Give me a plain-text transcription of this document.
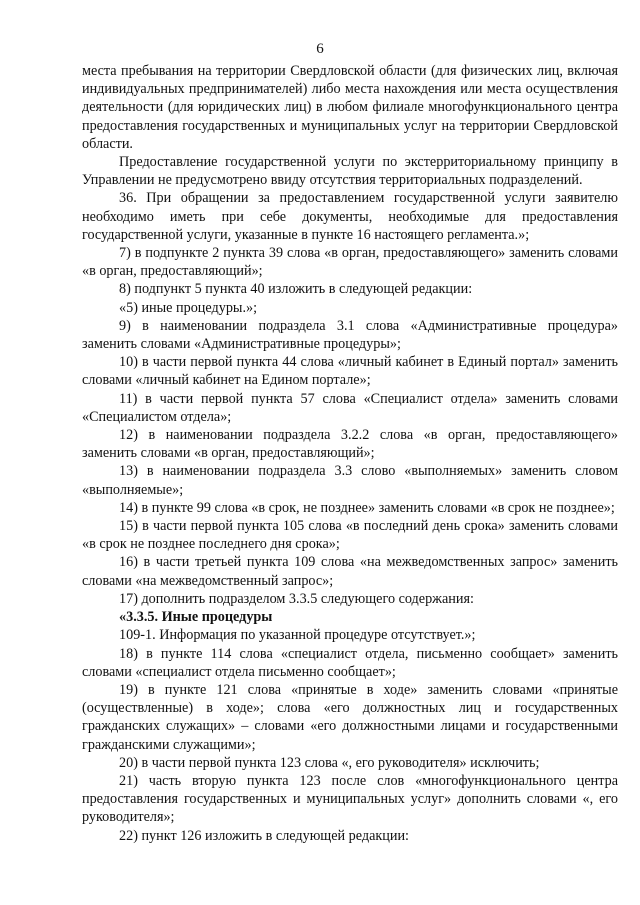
6

места пребывания на территории Свердловской области (для физических лиц, включая индивидуальных предпринимателей) либо места нахождения или места осуществления деятельности (для юридических лиц) в любом филиале многофункционального центра предоставления государственных и муниципальных услуг на территории Свердловской области.

Предоставление государственной услуги по экстерриториальному принципу в Управлении не предусмотрено ввиду отсутствия территориальных подразделений.

36. При обращении за предоставлением государственной услуги заявителю необходимо иметь при себе документы, необходимые для предоставления государственной услуги, указанные в пункте 16 настоящего регламента.»;

7) в подпункте 2 пункта 39 слова «в орган, предоставляющего» заменить словами «в орган, предоставляющий»;

8) подпункт 5 пункта 40 изложить в следующей редакции:

«5) иные процедуры.»;

9) в наименовании подраздела 3.1 слова «Административные процедура» заменить словами «Административные процедуры»;

10) в части первой пункта 44 слова «личный кабинет в Единый портал» заменить словами «личный кабинет на Едином портале»;

11) в части первой пункта 57 слова «Специалист отдела» заменить словами «Специалистом отдела»;

12) в наименовании подраздела 3.2.2 слова «в орган, предоставляющего» заменить словами «в орган, предоставляющий»;

13) в наименовании подраздела 3.3 слово «выполняемых» заменить словом «выполняемые»;

14) в пункте 99 слова «в срок, не позднее» заменить словами «в срок не позднее»;

15) в части первой пункта 105 слова «в последний день срока» заменить словами «в срок не позднее последнего дня срока»;

16) в части третьей пункта 109 слова «на межведомственных запрос» заменить словами «на межведомственный запрос»;

17) дополнить подразделом 3.3.5 следующего содержания:

«3.3.5. Иные процедуры

109-1. Информация по указанной процедуре отсутствует.»;

18) в пункте 114 слова «специалист отдела, письменно сообщает» заменить словами «специалист отдела письменно сообщает»;

19) в пункте 121 слова «принятые в ходе» заменить словами «принятые (осуществленные) в ходе»; слова «его должностных лиц и государственных гражданских служащих» – словами «его должностными лицами и государственными гражданскими служащими»;

20) в части первой пункта 123 слова «, его руководителя» исключить;

21) часть вторую пункта 123 после слов «многофункционального центра предоставления государственных и муниципальных услуг» дополнить словами «, его руководителя»;

22) пункт 126 изложить в следующей редакции:
